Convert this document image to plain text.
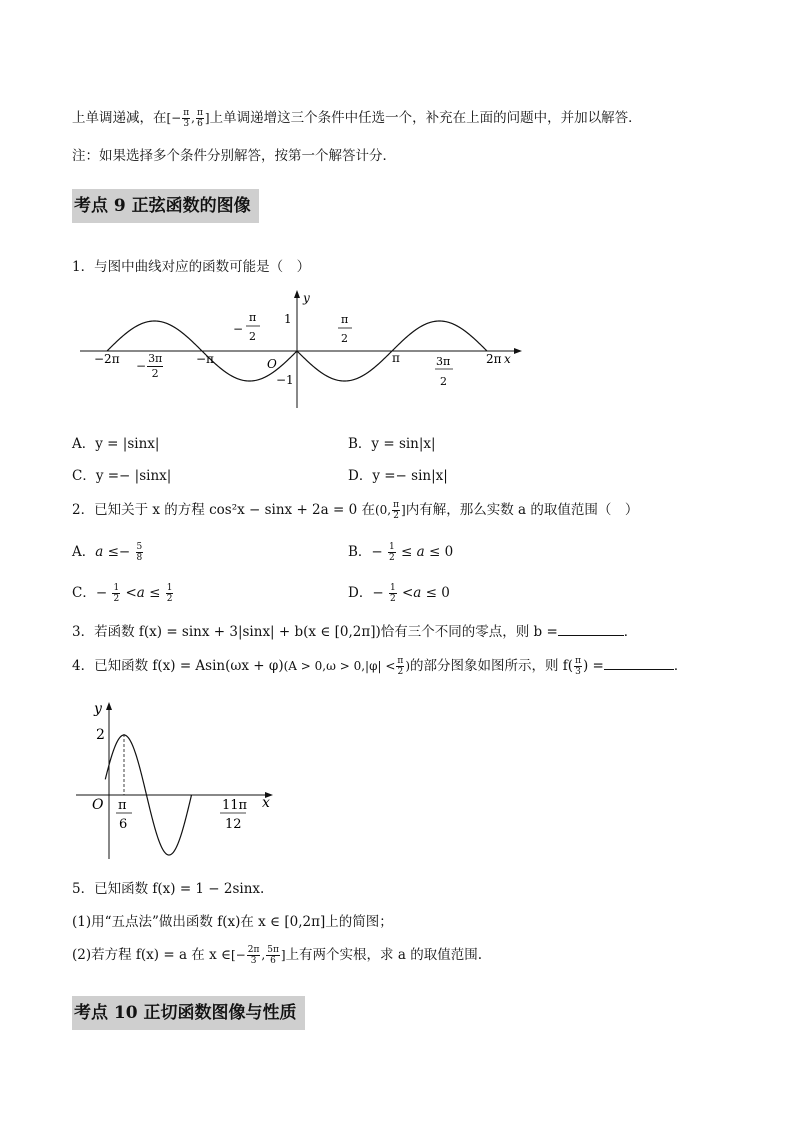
上单调递减，在[− $\frac{\pi}{3}$ , $\frac{\pi}{6}$ ]上单调递增这三个条件中任选一个，补充在上面的问题中，并加以解答．
注：如果选择多个条件分别解答，按第一个解答计分．
考点 9 正弦函数的图像
1．与图中曲线对应的函数可能是（　）
y
x
1
−1
−2π	−π
−
π
2
O
π
2
π	3π
2
2π
− $\frac{3\pi}{2}$
A．y = |sinx|	B．y = sin|x|
C．y =− |sinx|	D．y =− sin|x|
2．已知关于 x 的方程 cos²x − sinx + 2a = 0 在(0, $\frac{\pi}{2}$ ]内有解，那么实数 a 的取值范围（　）
A．$a \le- \frac{5}{8}$	B．− $\frac{1}{2} \le a \le 0$
C．− $\frac{1}{2} <a \le \frac{1}{2}$	D．− $\frac{1}{2} <a \le 0$
3．若函数 f(x) = sinx + 3|sinx| + b(x ∈ [0,2π])恰有三个不同的零点，则 b =	．
4．已知函数 $f(x) = Asin(\omega x + \varphi)(A > 0,\omega > 0,|\varphi| < \frac{\pi}{2}$ )的部分图象如图所示，则 $f( \frac{\pi}{3}$ ) =	．
y
x
O
2
π
6
11π
12
5．已知函数 f(x) = 1 − 2sinx.
(1)用“五点法”做出函数 f(x)在 x ∈ [0,2π]上的简图；
(2)若方程 f(x) = a 在 x ∈[− $\frac{2\pi}{3}$ , $\frac{5\pi}{6}$ ]上有两个实根，求 a 的取值范围.
考点 10 正切函数图像与性质
